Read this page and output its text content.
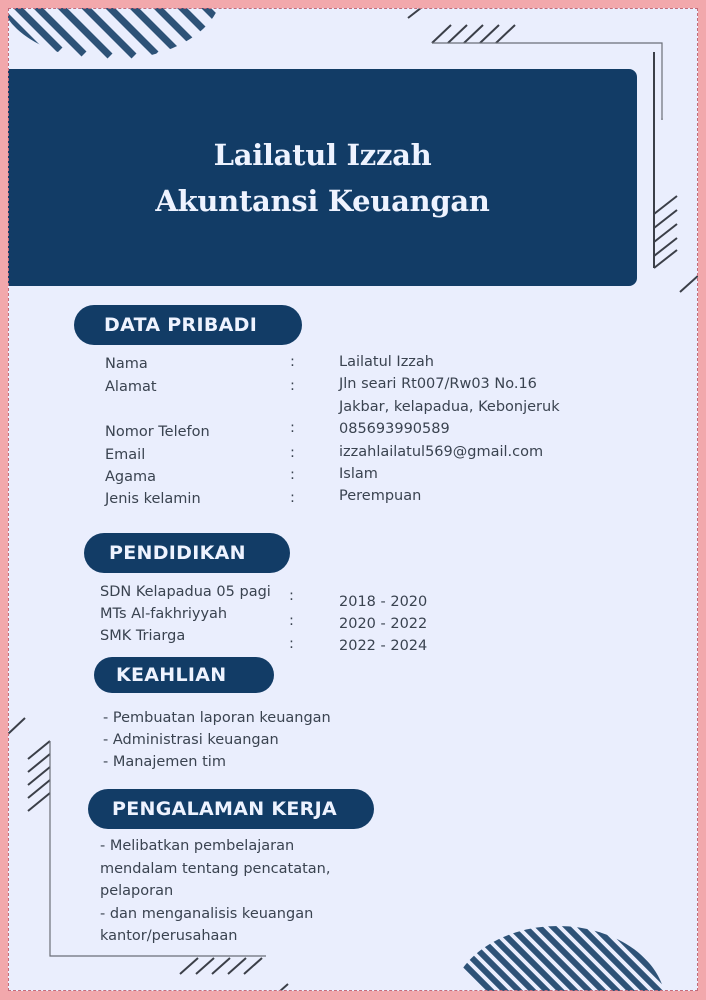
Lailatul Izzah
Akuntansi Keuangan
DATA PRIBADI
Nama	:	Lailatul Izzah
Alamat	:	Jln seari Rt007/Rw03 No.16
Jakbar, kelapadua, Kebonjeruk
Nomor Telefon	:	085693990589
Email	:	izzahlailatul569@gmail.com
Agama	:	Islam
Jenis kelamin	:	Perempuan
PENDIDIKAN
SDN Kelapadua 05 pagi :	2018 - 2020
MTs Al-fakhriyyah	:	2020 - 2022
SMK Triarga	:	2022 - 2024
KEAHLIAN
- Pembuatan laporan keuangan
- Administrasi keuangan
- Manajemen tim
PENGALAMAN KERJA
- Melibatkan pembelajaran
mendalam tentang pencatatan,
pelaporan
- dan menganalisis keuangan
kantor/perusahaan
